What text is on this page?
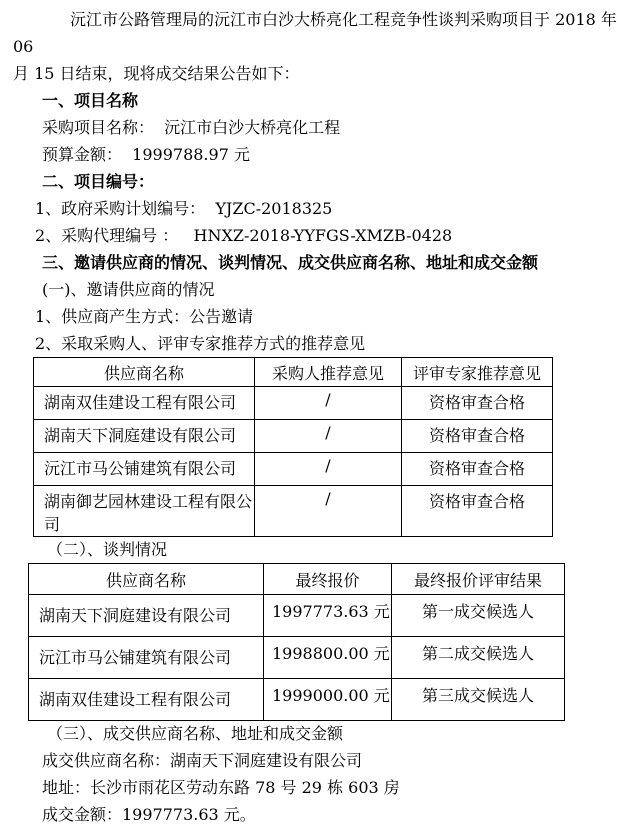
沅江市公路管理局的沅江市白沙大桥亮化工程竞争性谈判采购项目于 2018 年 06

月 15 日结束，现将成交结果公告如下：

一、项目名称

采购项目名称：  沅江市白沙大桥亮化工程

预算金额：  1999788.97 元

二、项目编号：

1、政府采购计划编号：  YJZC-2018325

2、采购代理编号 ：   HNXZ-2018-YYFGS-XMZB-0428

三、邀请供应商的情况、谈判情况、成交供应商名称、地址和成交金额

(一)、邀请供应商的情况

1、供应商产生方式：公告邀请

2、采取采购人、评审专家推荐方式的推荐意见

供应商名称	采购人推荐意见	评审专家推荐意见
湖南双佳建设工程有限公司	/	资格审查合格
湖南天下洞庭建设有限公司	/	资格审查合格
沅江市马公铺建筑有限公司	/	资格审查合格
湖南御艺园林建设工程有限公司	/	资格审查合格

（二）、谈判情况

供应商名称	最终报价	最终报价评审结果
湖南天下洞庭建设有限公司	1997773.63 元	第一成交候选人
沅江市马公铺建筑有限公司	1998800.00 元	第二成交候选人
湖南双佳建设工程有限公司	1999000.00 元	第三成交候选人

（三）、成交供应商名称、地址和成交金额

成交供应商名称：湖南天下洞庭建设有限公司

地址：长沙市雨花区劳动东路 78 号 29 栋 603 房

成交金额：1997773.63 元。
